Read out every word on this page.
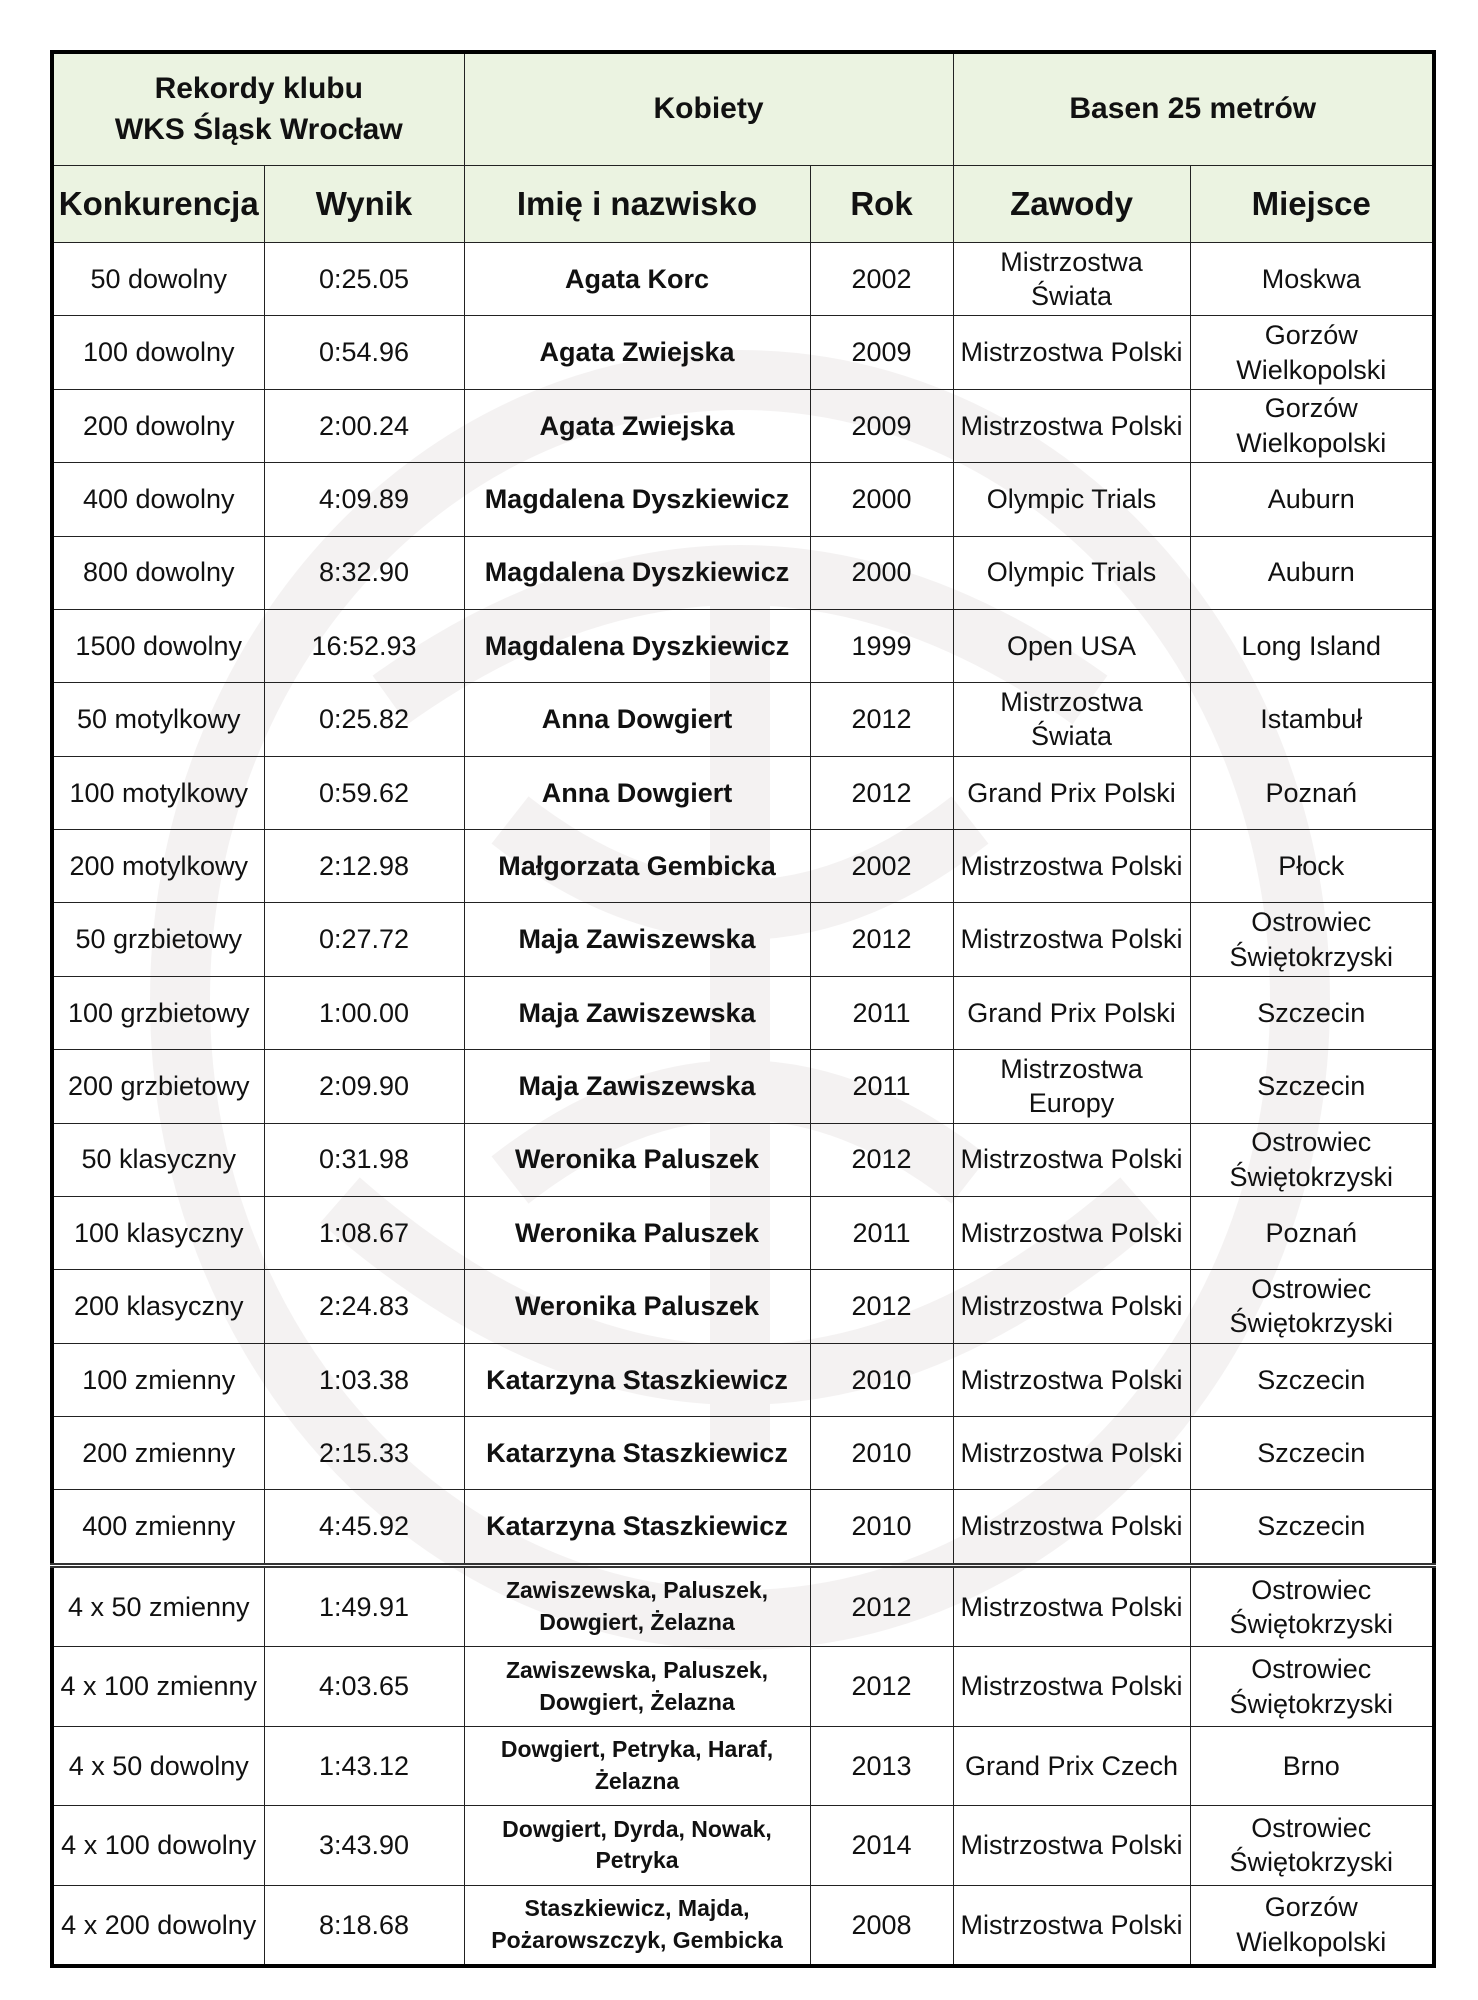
Rekordy klubu
WKS Śląsk Wrocław		Kobiety		Basen 25 metrów	
Konkurencja	Wynik	Imię i nazwisko	Rok	Zawody	Miejsce
50 dowolny	0:25.05	Agata Korc	2002	Mistrzostwa Świata	Moskwa
100 dowolny	0:54.96	Agata Zwiejska	2009	Mistrzostwa Polski	Gorzów Wielkopolski
200 dowolny	2:00.24	Agata Zwiejska	2009	Mistrzostwa Polski	Gorzów Wielkopolski
400 dowolny	4:09.89	Magdalena Dyszkiewicz	2000	Olympic Trials	Auburn
800 dowolny	8:32.90	Magdalena Dyszkiewicz	2000	Olympic Trials	Auburn
1500 dowolny	16:52.93	Magdalena Dyszkiewicz	1999	Open USA	Long Island
50 motylkowy	0:25.82	Anna Dowgiert	2012	Mistrzostwa Świata	Istambuł
100 motylkowy	0:59.62	Anna Dowgiert	2012	Grand Prix Polski	Poznań
200 motylkowy	2:12.98	Małgorzata Gembicka	2002	Mistrzostwa Polski	Płock
50 grzbietowy	0:27.72	Maja Zawiszewska	2012	Mistrzostwa Polski	Ostrowiec Świętokrzyski
100 grzbietowy	1:00.00	Maja Zawiszewska	2011	Grand Prix Polski	Szczecin
200 grzbietowy	2:09.90	Maja Zawiszewska	2011	Mistrzostwa Europy	Szczecin
50 klasyczny	0:31.98	Weronika Paluszek	2012	Mistrzostwa Polski	Ostrowiec Świętokrzyski
100 klasyczny	1:08.67	Weronika Paluszek	2011	Mistrzostwa Polski	Poznań
200 klasyczny	2:24.83	Weronika Paluszek	2012	Mistrzostwa Polski	Ostrowiec Świętokrzyski
100 zmienny	1:03.38	Katarzyna Staszkiewicz	2010	Mistrzostwa Polski	Szczecin
200 zmienny	2:15.33	Katarzyna Staszkiewicz	2010	Mistrzostwa Polski	Szczecin
400 zmienny	4:45.92	Katarzyna Staszkiewicz	2010	Mistrzostwa Polski	Szczecin
4 x 50 zmienny	1:49.91	Zawiszewska, Paluszek, Dowgiert, Żelazna	2012	Mistrzostwa Polski	Ostrowiec Świętokrzyski
4 x 100 zmienny	4:03.65	Zawiszewska, Paluszek, Dowgiert, Żelazna	2012	Mistrzostwa Polski	Ostrowiec Świętokrzyski
4 x 50 dowolny	1:43.12	Dowgiert, Petryka, Haraf, Żelazna	2013	Grand Prix Czech	Brno
4 x 100 dowolny	3:43.90	Dowgiert, Dyrda, Nowak, Petryka	2014	Mistrzostwa Polski	Ostrowiec Świętokrzyski
4 x 200 dowolny	8:18.68	Staszkiewicz, Majda, Pożarowszczyk, Gembicka	2008	Mistrzostwa Polski	Gorzów Wielkopolski
